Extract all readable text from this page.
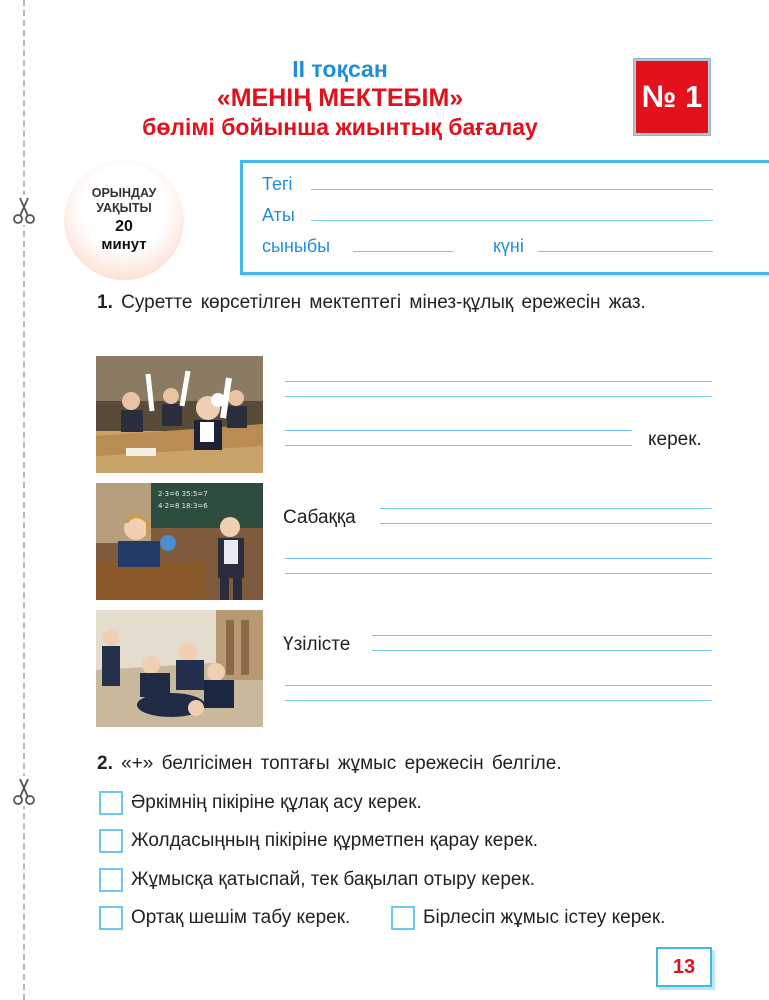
II тоқсан
«МЕНІҢ МЕКТЕБІМ»
бөлімі бойынша жиынтық бағалау
№ 1
ОРЫНДАУ УАҚЫТЫ
20
минут
Тегі
Аты
сыныбы	күні
1. Суретте көрсетілген мектептегі мінез-құлық ережесін жаз.
керек.
2·3=6 35:5=7
4·2=8 18:3=6
Сабаққа
Үзілісте
2. «+» белгісімен топтағы жұмыс ережесін белгіле.
Әркімнің пікіріне құлақ асу керек.
Жолдасыңның пікіріне құрметпен қарау керек.
Жұмысқа қатыспай, тек бақылап отыру керек.
Ортақ шешім табу керек.	Бірлесіп жұмыс істеу керек.
13
